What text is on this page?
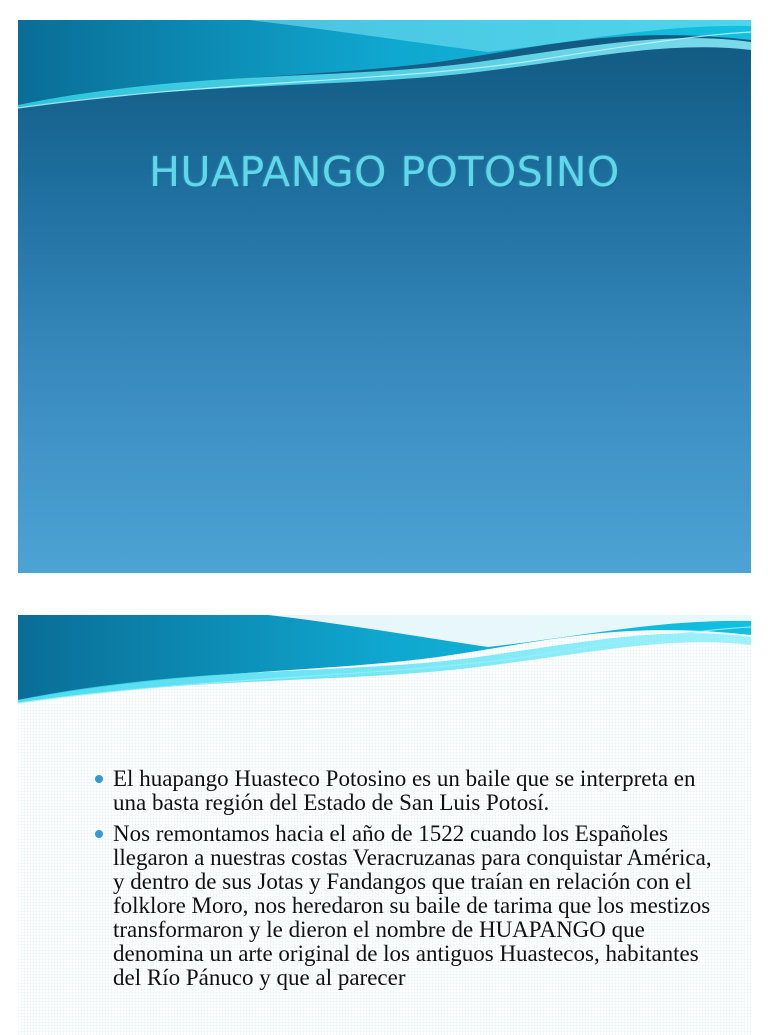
HUAPANGO POTOSINO
El huapango Huasteco Potosino es un baile que se interpreta en una basta región del Estado de San Luis Potosí.
Nos remontamos hacia el año de 1522 cuando los Españoles llegaron a nuestras costas Veracruzanas para conquistar América, y dentro de sus Jotas y Fandangos que traían en relación con el folklore Moro, nos heredaron su baile de tarima que los mestizos transformaron y le dieron el nombre de HUAPANGO que denomina un arte original de los antiguos Huastecos, habitantes del Río Pánuco y que al parecer
